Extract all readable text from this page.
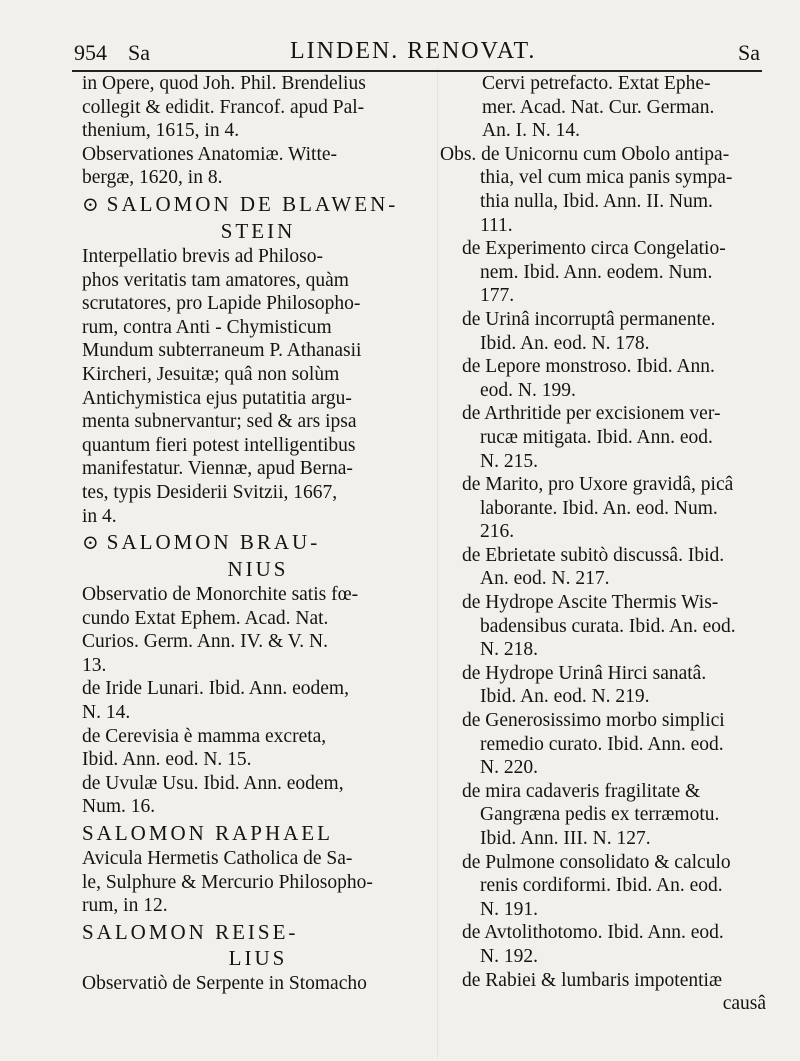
954 Sa	LINDEN. RENOVAT.	Sa

in Opere, quod Joh. Phil. Brendelius

collegit & edidit. Francof. apud Pal-

thenium, 1615, in 4.

Observationes Anatomiæ. Witte-

bergæ, 1620, in 8.

⊙ SALOMON DE BLAWEN-
STEIN

Interpellatio brevis ad Philoso-

phos veritatis tam amatores, quàm

scrutatores, pro Lapide Philosopho-

rum, contra Anti - Chymisticum

Mundum subterraneum P. Athanasii

Kircheri, Jesuitæ; quâ non solùm

Antichymistica ejus putatitia argu-

menta subnervantur; sed & ars ipsa

quantum fieri potest intelligentibus

manifestatur. Viennæ, apud Berna-

tes, typis Desiderii Svitzii, 1667,

in 4.

⊙ SALOMON BRAU-
NIUS

Observatio de Monorchite satis fœ-

cundo Extat Ephem. Acad. Nat.

Curios. Germ. Ann. IV. & V. N.

13.

de Iride Lunari. Ibid. Ann. eodem,

N. 14.

de Cerevisia è mamma excreta,

Ibid. Ann. eod. N. 15.

de Uvulæ Usu. Ibid. Ann. eodem,

Num. 16.

SALOMON RAPHAEL

Avicula Hermetis Catholica de Sa-

le, Sulphure & Mercurio Philosopho-

rum, in 12.

SALOMON REISE-
LIUS

Observatiò de Serpente in Stomacho

Cervi petrefacto. Extat Ephe-

mer. Acad. Nat. Cur. German.

An. I. N. 14.

Obs. de Unicornu cum Obolo antipa-

thia, vel cum mica panis sympa-

thia nulla, Ibid. Ann. II. Num.

111.

de Experimento circa Congelatio-

nem. Ibid. Ann. eodem. Num.

177.

de Urinâ incorruptâ permanente.

Ibid. An. eod. N. 178.

de Lepore monstroso. Ibid. Ann.

eod. N. 199.

de Arthritide per excisionem ver-

rucæ mitigata. Ibid. Ann. eod.

N. 215.

de Marito, pro Uxore gravidâ, picâ

laborante. Ibid. An. eod. Num.

216.

de Ebrietate subitò discussâ. Ibid.

An. eod. N. 217.

de Hydrope Ascite Thermis Wis-

badensibus curata. Ibid. An. eod.

N. 218.

de Hydrope Urinâ Hirci sanatâ.

Ibid. An. eod. N. 219.

de Generosissimo morbo simplici

remedio curato. Ibid. Ann. eod.

N. 220.

de mira cadaveris fragilitate &

Gangræna pedis ex terræmotu.

Ibid. Ann. III. N. 127.

de Pulmone consolidato & calculo

renis cordiformi. Ibid. An. eod.

N. 191.

de Avtolithotomo. Ibid. Ann. eod.

N. 192.

de Rabiei & lumbaris impotentiæ

causâ
